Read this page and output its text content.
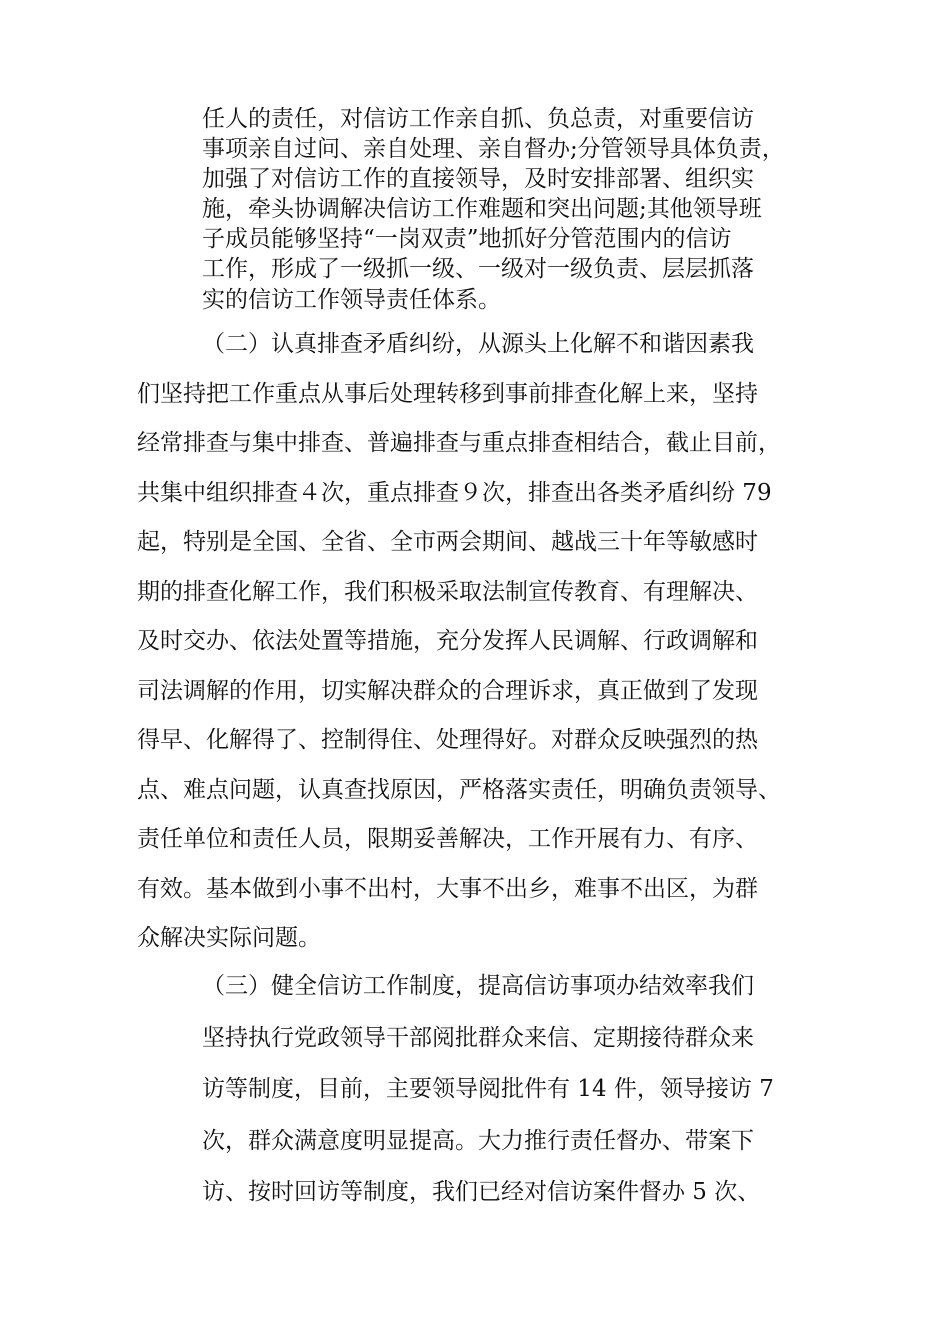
任人的责任，对信访工作亲自抓、负总责，对重要信访
事项亲自过问、亲自处理、亲自督办;分管领导具体负责，
加强了对信访工作的直接领导，及时安排部署、组织实
施，牵头协调解决信访工作难题和突出问题;其他领导班
子成员能够坚持“一岗双责”地抓好分管范围内的信访
工作，形成了一级抓一级、一级对一级负责、层层抓落
实的信访工作领导责任体系。
（二）认真排查矛盾纠纷，从源头上化解不和谐因素我
们坚持把工作重点从事后处理转移到事前排查化解上来，坚持
经常排查与集中排查、普遍排查与重点排查相结合，截止目前，
共集中组织排查４次，重点排查９次，排查出各类矛盾纠纷 79
起，特别是全国、全省、全市两会期间、越战三十年等敏感时
期的排查化解工作，我们积极采取法制宣传教育、有理解决、
及时交办、依法处置等措施，充分发挥人民调解、行政调解和
司法调解的作用，切实解决群众的合理诉求，真正做到了发现
得早、化解得了、控制得住、处理得好。对群众反映强烈的热
点、难点问题，认真查找原因，严格落实责任，明确负责领导、
责任单位和责任人员，限期妥善解决，工作开展有力、有序、
有效。基本做到小事不出村，大事不出乡，难事不出区，为群
众解决实际问题。
（三）健全信访工作制度，提高信访事项办结效率我们
坚持执行党政领导干部阅批群众来信、定期接待群众来
访等制度，目前，主要领导阅批件有 14 件，领导接访 7
次，群众满意度明显提高。大力推行责任督办、带案下
访、按时回访等制度，我们已经对信访案件督办 5 次、
